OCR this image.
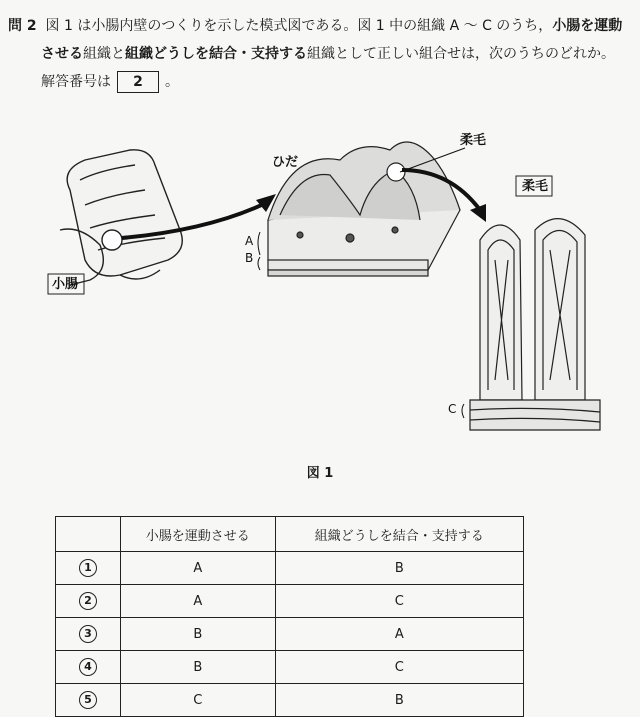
問 2 図 1 は小腸内壁のつくりを示した模式図である。図 1 中の組織 A ～ C のうち，小腸を運動
させる組織と組織どうしを結合・支持する組織として正しい組合せは，次のうちのどれか。
解答番号は 2 。
小腸
ひだ
柔毛
A
B
柔毛
C
図 1
	小腸を運動させる	組織どうしを結合・支持する
1	A	B
2	A	C
3	B	A
4	B	C
5	C	B
